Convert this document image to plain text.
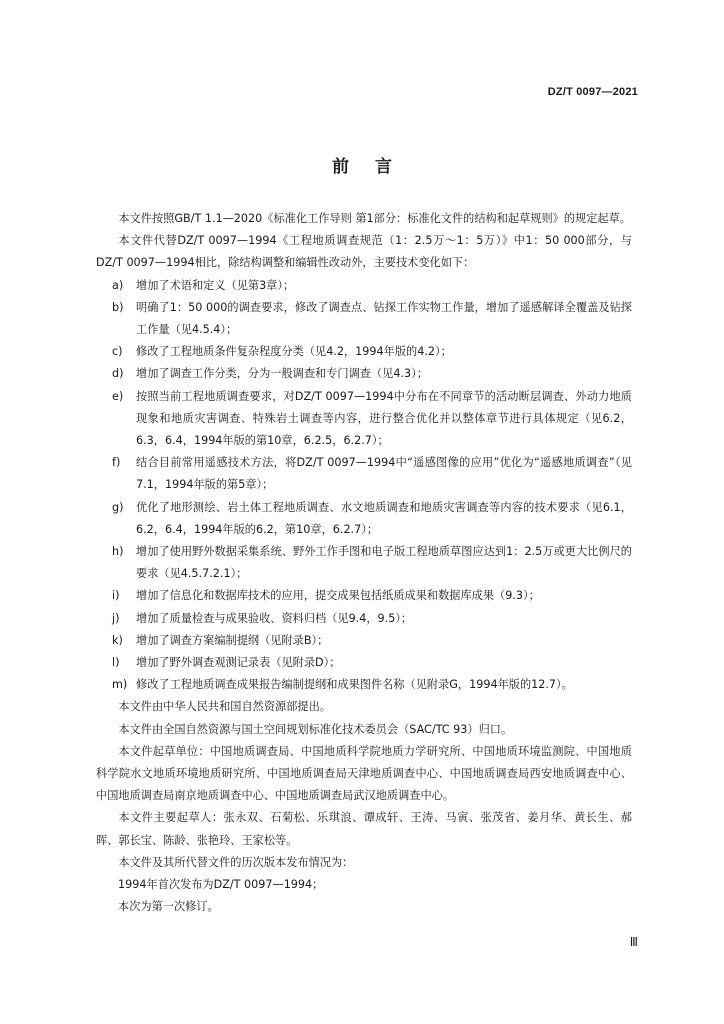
DZ/T 0097—2021
前言

本文件按照GB/T 1.1—2020《标准化工作导则 第1部分：标准化文件的结构和起草规则》的规定起草。

本文件代替DZ/T 0097—1994《工程地质调查规范（1：2.5万～1：5万）》中1：50 000部分，与DZ/T 0097—1994相比，除结构调整和编辑性改动外，主要技术变化如下：

a)	增加了术语和定义（见第3章）；
b)	明确了1：50 000的调查要求，修改了调查点、钻探工作实物工作量，增加了遥感解译全覆盖及钻探工作量（见4.5.4）；
c)	修改了工程地质条件复杂程度分类（见4.2，1994年版的4.2）；
d)	增加了调查工作分类，分为一般调查和专门调查（见4.3）；
e)	按照当前工程地质调查要求，对DZ/T 0097—1994中分布在不同章节的活动断层调查、外动力地质现象和地质灾害调查、特殊岩土调查等内容，进行整合优化并以整体章节进行具体规定（见6.2，6.3，6.4，1994年版的第10章，6.2.5，6.2.7）；
f)	结合目前常用遥感技术方法，将DZ/T 0097—1994中“遥感图像的应用”优化为“遥感地质调查”（见7.1，1994年版的第5章）；
g)	优化了地形测绘、岩土体工程地质调查、水文地质调查和地质灾害调查等内容的技术要求（见6.1，6.2，6.4，1994年版的6.2，第10章，6.2.7）；
h)	增加了使用野外数据采集系统、野外工作手图和电子版工程地质草图应达到1：2.5万或更大比例尺的要求（见4.5.7.2.1）；
i)	增加了信息化和数据库技术的应用，提交成果包括纸质成果和数据库成果（9.3）；
j)	增加了质量检查与成果验收、资料归档（见9.4，9.5）；
k)	增加了调查方案编制提纲（见附录B）；
l)	增加了野外调查观测记录表（见附录D）；
m) 修改了工程地质调查成果报告编制提纲和成果图件名称（见附录G，1994年版的12.7）。

本文件由中华人民共和国自然资源部提出。

本文件由全国自然资源与国土空间规划标准化技术委员会（SAC/TC 93）归口。

本文件起草单位：中国地质调查局、中国地质科学院地质力学研究所、中国地质环境监测院、中国地质科学院水文地质环境地质研究所、中国地质调查局天津地质调查中心、中国地质调查局西安地质调查中心、中国地质调查局南京地质调查中心、中国地质调查局武汉地质调查中心。

本文件主要起草人：张永双、石菊松、乐琪浪、谭成轩、王涛、马寅、张茂省、姜月华、黄长生、郝晖、郭长宝、陈龄、张艳玲、王家松等。

本文件及其所代替文件的历次版本发布情况为：

1994年首次发布为DZ/T 0097—1994；

本次为第一次修订。

Ⅲ
